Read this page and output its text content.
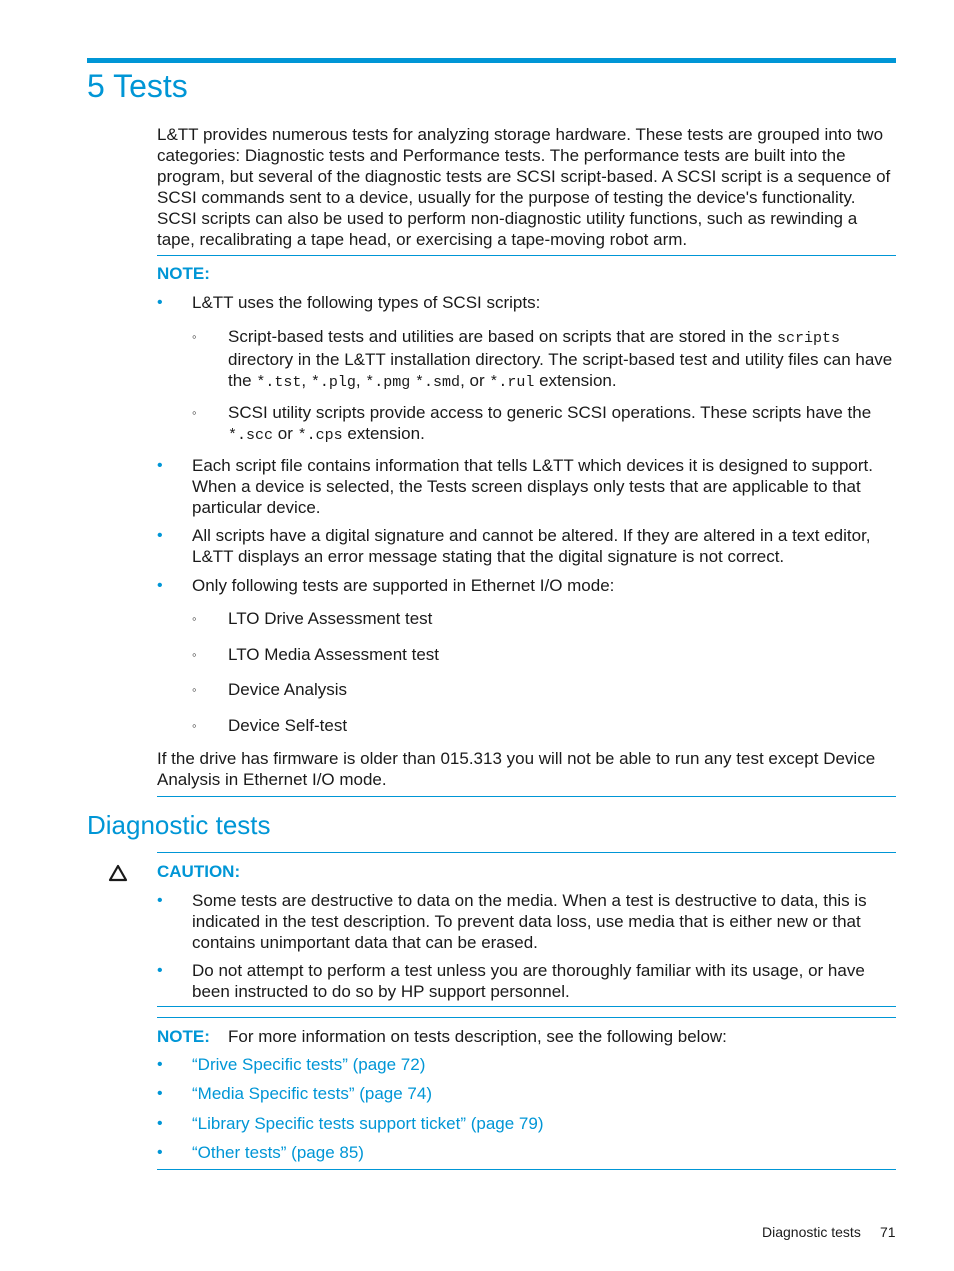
5 Tests

L&TT provides numerous tests for analyzing storage hardware. These tests are grouped into two categories: Diagnostic tests and Performance tests. The performance tests are built into the program, but several of the diagnostic tests are SCSI script-based. A SCSI script is a sequence of SCSI commands sent to a device, usually for the purpose of testing the device's functionality. SCSI scripts can also be used to perform non-diagnostic utility functions, such as rewinding a tape, recalibrating a tape head, or exercising a tape-moving robot arm.

NOTE:
• L&TT uses the following types of SCSI scripts:

◦ Script-based tests and utilities are based on scripts that are stored in the scripts directory in the L&TT installation directory. The script-based test and utility files can have the *.tst, *.plg, *.pmg *.smd, or *.rul extension.

◦ SCSI utility scripts provide access to generic SCSI operations. These scripts have the *.scc or *.cps extension.

• Each script file contains information that tells L&TT which devices it is designed to support. When a device is selected, the Tests screen displays only tests that are applicable to that particular device.

• All scripts have a digital signature and cannot be altered. If they are altered in a text editor, L&TT displays an error message stating that the digital signature is not correct.

• Only following tests are supported in Ethernet I/O mode:

◦ LTO Drive Assessment test

◦ LTO Media Assessment test

◦ Device Analysis

◦ Device Self-test

If the drive has firmware is older than 015.313 you will not be able to run any test except Device Analysis in Ethernet I/O mode.

Diagnostic tests
CAUTION:
• Some tests are destructive to data on the media. When a test is destructive to data, this is indicated in the test description. To prevent data loss, use media that is either new or that contains unimportant data that can be erased.

• Do not attempt to perform a test unless you are thoroughly familiar with its usage, or have been instructed to do so by HP support personnel.

NOTE: For more information on tests description, see the following below:

• “Drive Specific tests” (page 72)
• “Media Specific tests” (page 74)
• “Library Specific tests support ticket” (page 79)
• “Other tests” (page 85)
Diagnostic tests 71
